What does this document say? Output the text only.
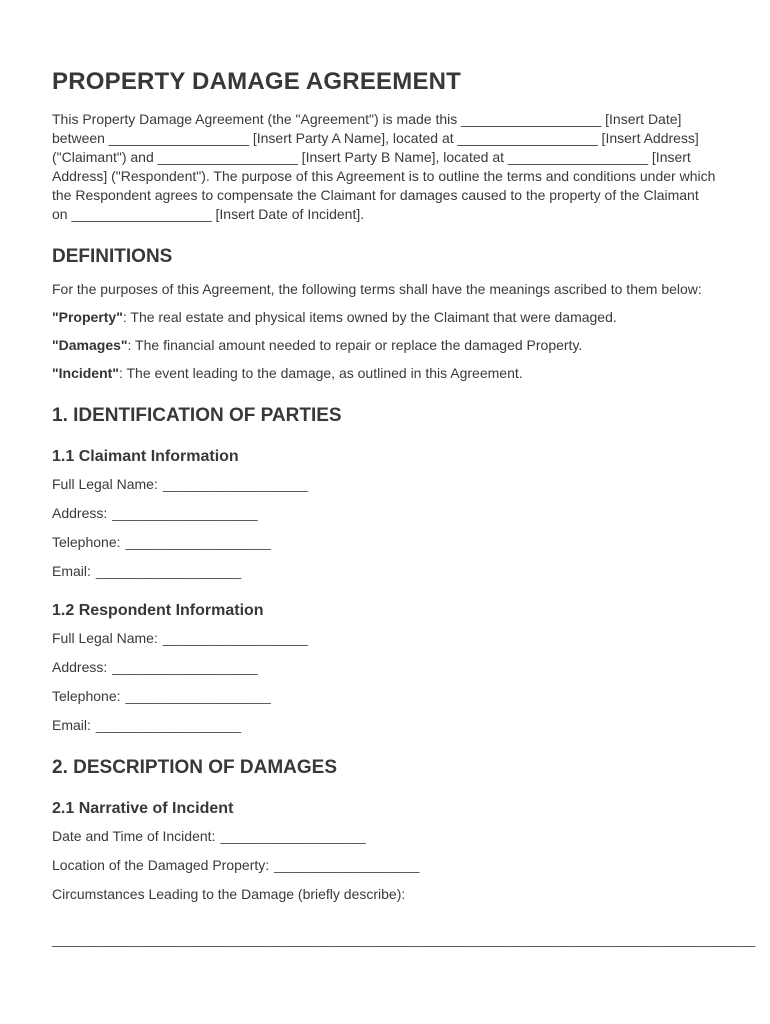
PROPERTY DAMAGE AGREEMENT

This Property Damage Agreement (the "Agreement") is made this __________________ [Insert Date] between __________________ [Insert Party A Name], located at __________________ [Insert Address] ("Claimant") and __________________ [Insert Party B Name], located at __________________ [Insert Address] ("Respondent"). The purpose of this Agreement is to outline the terms and conditions under which the Respondent agrees to compensate the Claimant for damages caused to the property of the Claimant on __________________ [Insert Date of Incident].

DEFINITIONS

For the purposes of this Agreement, the following terms shall have the meanings ascribed to them below:

"Property": The real estate and physical items owned by the Claimant that were damaged.

"Damages": The financial amount needed to repair or replace the damaged Property.

"Incident": The event leading to the damage, as outlined in this Agreement.

1. IDENTIFICATION OF PARTIES
1.1 Claimant Information

Full Legal Name: __________________

Address: __________________

Telephone: __________________

Email: __________________

1.2 Respondent Information

Full Legal Name: __________________

Address: __________________

Telephone: __________________

Email: __________________

2. DESCRIPTION OF DAMAGES
2.1 Narrative of Incident

Date and Time of Incident: __________________

Location of the Damaged Property: __________________

Circumstances Leading to the Damage (briefly describe):

_______________________________________________________________________________________
